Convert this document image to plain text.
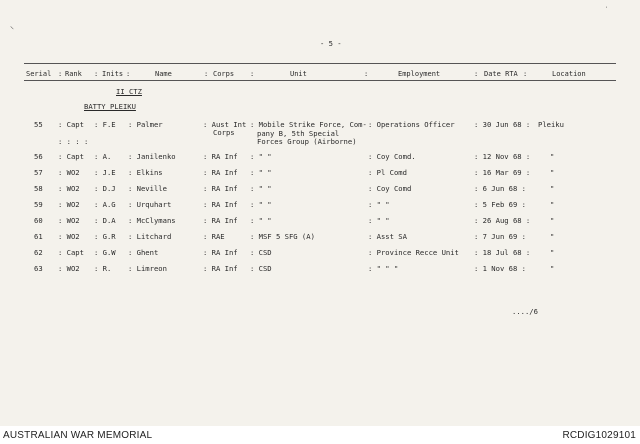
⸌
˙
- 5 -
Serial : Rank : Inits :	Name	: Corps :	Unit	:	Employment	: Date RTA :	Location
II CTZ
BATTY PLEIKU
55 : Capt : F.E : Palmer	: Aust Int : Mobile Strike Force, Com- : Operations Officer	: 30 Jun 68 : Pleiku
Corps	pany B, 5th Special
Forces Group (Airborne)
: : : :
56 : Capt : A. : Janilenko	: RA Inf : " "	: Coy Comd.	: 12 Nov 68 :	"
57 : WO2 : J.E : Elkins	: RA Inf : " "	: Pl Comd	: 16 Mar 69 :	"
58 : WO2 : D.J : Neville	: RA Inf : " "	: Coy Comd	: 6 Jun 68 :	"
59 : WO2 : A.G : Urquhart	: RA Inf : " "	: " "	: 5 Feb 69 :	"
60 : WO2 : D.A : McClymans	: RA Inf : " "	: " "	: 26 Aug 68 :	"
61 : WO2 : G.R : Litchard	: RAE	: MSF 5 SFG (A)	: Asst SA	: 7 Jun 69 :	"
62 : Capt : G.W : Ghent	: RA Inf : CSD	: Province Recce Unit : 18 Jul 68 :	"
63 : WO2 : R. : Limreon	: RA Inf : CSD	: " " "	: 1 Nov 68 :	"
..../6
AUSTRALIAN WAR MEMORIAL	RCDIG1029101
